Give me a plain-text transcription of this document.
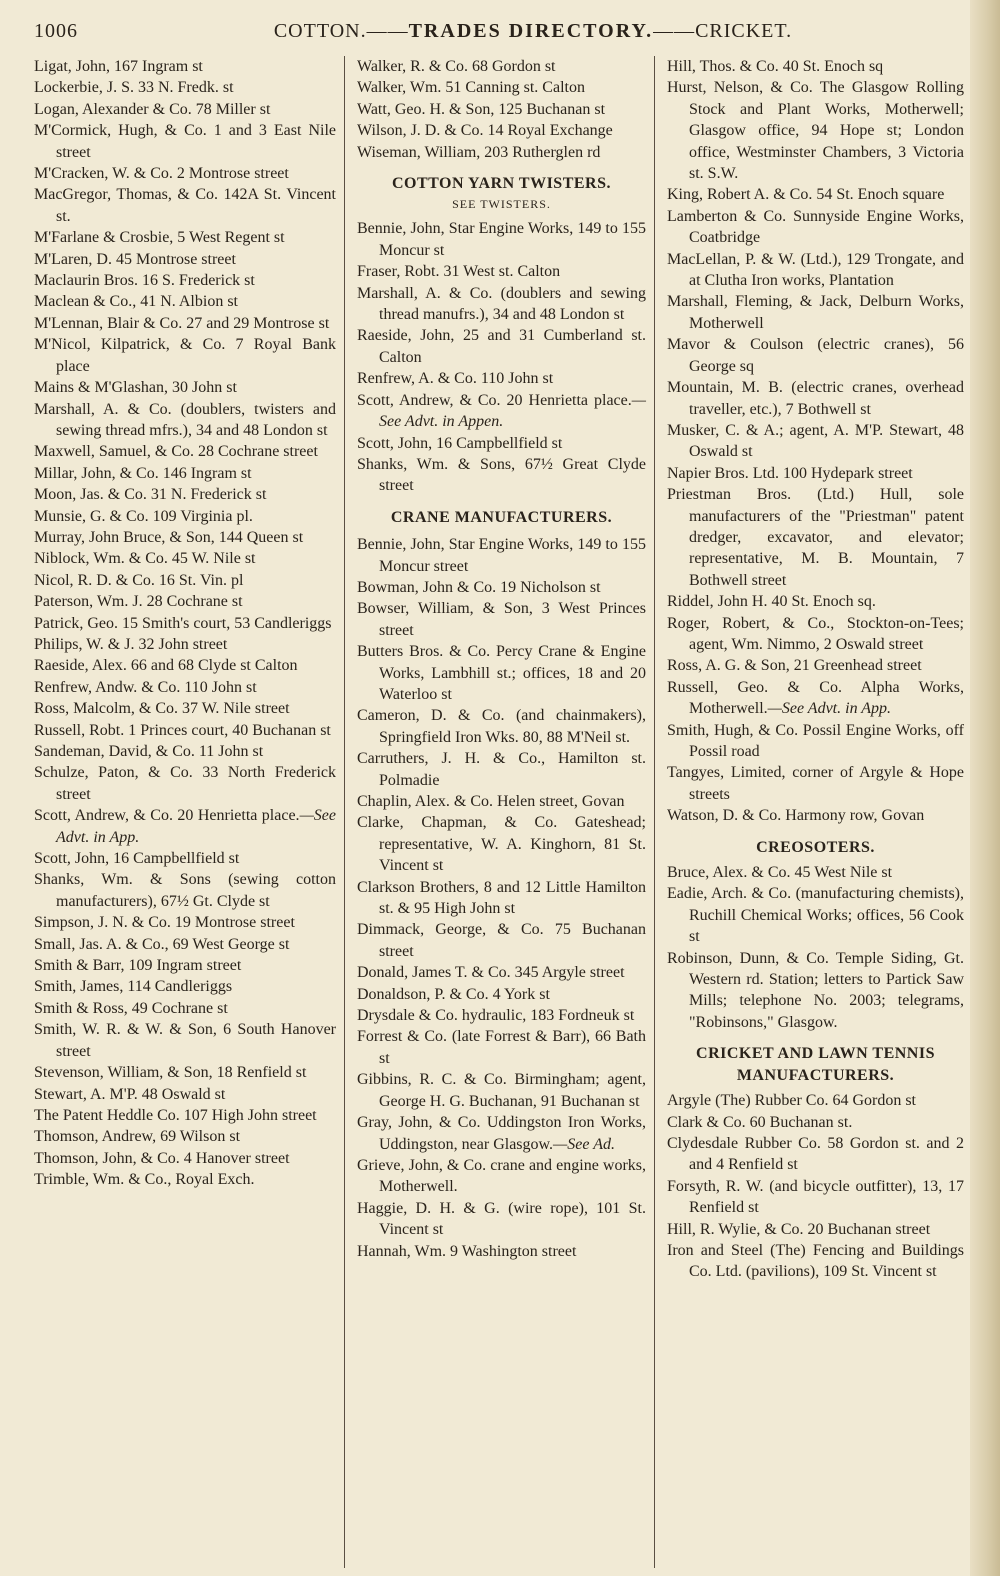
1006	COTTON.——TRADES DIRECTORY.——CRICKET.
Ligat, John, 167 Ingram st
Lockerbie, J. S. 33 N. Fredk. st
Logan, Alexander & Co. 78 Miller st
M'Cormick, Hugh, & Co. 1 and 3 East Nile street
M'Cracken, W. & Co. 2 Montrose street
MacGregor, Thomas, & Co. 142A St. Vincent st.
M'Farlane & Crosbie, 5 West Regent st
M'Laren, D. 45 Montrose street
Maclaurin Bros. 16 S. Frederick st
Maclean & Co., 41 N. Albion st
M'Lennan, Blair & Co. 27 and 29 Montrose st
M'Nicol, Kilpatrick, & Co. 7 Royal Bank place
Mains & M'Glashan, 30 John st
Marshall, A. & Co. (doublers, twisters and sewing thread mfrs.), 34 and 48 London st
Maxwell, Samuel, & Co. 28 Cochrane street
Millar, John, & Co. 146 Ingram st
Moon, Jas. & Co. 31 N. Frederick st
Munsie, G. & Co. 109 Virginia pl.
Murray, John Bruce, & Son, 144 Queen st
Niblock, Wm. & Co. 45 W. Nile st
Nicol, R. D. & Co. 16 St. Vin. pl
Paterson, Wm. J. 28 Cochrane st
Patrick, Geo. 15 Smith's court, 53 Candleriggs
Philips, W. & J. 32 John street
Raeside, Alex. 66 and 68 Clyde st Calton
Renfrew, Andw. & Co. 110 John st
Ross, Malcolm, & Co. 37 W. Nile street
Russell, Robt. 1 Princes court, 40 Buchanan st
Sandeman, David, & Co. 11 John st
Schulze, Paton, & Co. 33 North Frederick street
Scott, Andrew, & Co. 20 Henrietta place.—See Advt. in App.
Scott, John, 16 Campbellfield st
Shanks, Wm. & Sons (sewing cotton manufacturers), 67½ Gt. Clyde st
Simpson, J. N. & Co. 19 Montrose street
Small, Jas. A. & Co., 69 West George st
Smith & Barr, 109 Ingram street
Smith, James, 114 Candleriggs
Smith & Ross, 49 Cochrane st
Smith, W. R. & W. & Son, 6 South Hanover street
Stevenson, William, & Son, 18 Renfield st
Stewart, A. M'P. 48 Oswald st
The Patent Heddle Co. 107 High John street
Thomson, Andrew, 69 Wilson st
Thomson, John, & Co. 4 Hanover street
Trimble, Wm. & Co., Royal Exch.
Walker, R. & Co. 68 Gordon st
Walker, Wm. 51 Canning st. Calton
Watt, Geo. H. & Son, 125 Buchanan st
Wilson, J. D. & Co. 14 Royal Exchange
Wiseman, William, 203 Rutherglen rd
COTTON YARN TWISTERS.
SEE TWISTERS.
Bennie, John, Star Engine Works, 149 to 155 Moncur st
Fraser, Robt. 31 West st. Calton
Marshall, A. & Co. (doublers and sewing thread manufrs.), 34 and 48 London st
Raeside, John, 25 and 31 Cumberland st. Calton
Renfrew, A. & Co. 110 John st
Scott, Andrew, & Co. 20 Henrietta place.—See Advt. in Appen.
Scott, John, 16 Campbellfield st
Shanks, Wm. & Sons, 67½ Great Clyde street
CRANE MANUFACTURERS.
Bennie, John, Star Engine Works, 149 to 155 Moncur street
Bowman, John & Co. 19 Nicholson st
Bowser, William, & Son, 3 West Princes street
Butters Bros. & Co. Percy Crane & Engine Works, Lambhill st.; offices, 18 and 20 Waterloo st
Cameron, D. & Co. (and chainmakers), Springfield Iron Wks. 80, 88 M'Neil st.
Carruthers, J. H. & Co., Hamilton st. Polmadie
Chaplin, Alex. & Co. Helen street, Govan
Clarke, Chapman, & Co. Gateshead; representative, W. A. Kinghorn, 81 St. Vincent st
Clarkson Brothers, 8 and 12 Little Hamilton st. & 95 High John st
Dimmack, George, & Co. 75 Buchanan street
Donald, James T. & Co. 345 Argyle street
Donaldson, P. & Co. 4 York st
Drysdale & Co. hydraulic, 183 Fordneuk st
Forrest & Co. (late Forrest & Barr), 66 Bath st
Gibbins, R. C. & Co. Birmingham; agent, George H. G. Buchanan, 91 Buchanan st
Gray, John, & Co. Uddingston Iron Works, Uddingston, near Glasgow.—See Ad.
Grieve, John, & Co. crane and engine works, Motherwell.
Haggie, D. H. & G. (wire rope), 101 St. Vincent st
Hannah, Wm. 9 Washington street
Hill, Thos. & Co. 40 St. Enoch sq
Hurst, Nelson, & Co. The Glasgow Rolling Stock and Plant Works, Motherwell; Glasgow office, 94 Hope st; London office, Westminster Chambers, 3 Victoria st. S.W.
King, Robert A. & Co. 54 St. Enoch square
Lamberton & Co. Sunnyside Engine Works, Coatbridge
MacLellan, P. & W. (Ltd.), 129 Trongate, and at Clutha Iron works, Plantation
Marshall, Fleming, & Jack, Delburn Works, Motherwell
Mavor & Coulson (electric cranes), 56 George sq
Mountain, M. B. (electric cranes, overhead traveller, etc.), 7 Bothwell st
Musker, C. & A.; agent, A. M'P. Stewart, 48 Oswald st
Napier Bros. Ltd. 100 Hydepark street
Priestman Bros. (Ltd.) Hull, sole manufacturers of the "Priestman" patent dredger, excavator, and elevator; representative, M. B. Mountain, 7 Bothwell street
Riddel, John H. 40 St. Enoch sq.
Roger, Robert, & Co., Stockton-on-Tees; agent, Wm. Nimmo, 2 Oswald street
Ross, A. G. & Son, 21 Greenhead street
Russell, Geo. & Co. Alpha Works, Motherwell.—See Advt. in App.
Smith, Hugh, & Co. Possil Engine Works, off Possil road
Tangyes, Limited, corner of Argyle & Hope streets
Watson, D. & Co. Harmony row, Govan
CREOSOTERS.
Bruce, Alex. & Co. 45 West Nile st
Eadie, Arch. & Co. (manufacturing chemists), Ruchill Chemical Works; offices, 56 Cook st
Robinson, Dunn, & Co. Temple Siding, Gt. Western rd. Station; letters to Partick Saw Mills; telephone No. 2003; telegrams, "Robinsons," Glasgow.
CRICKET AND LAWN TENNIS MANUFACTURERS.
Argyle (The) Rubber Co. 64 Gordon st
Clark & Co. 60 Buchanan st.
Clydesdale Rubber Co. 58 Gordon st. and 2 and 4 Renfield st
Forsyth, R. W. (and bicycle outfitter), 13, 17 Renfield st
Hill, R. Wylie, & Co. 20 Buchanan street
Iron and Steel (The) Fencing and Buildings Co. Ltd. (pavilions), 109 St. Vincent st
